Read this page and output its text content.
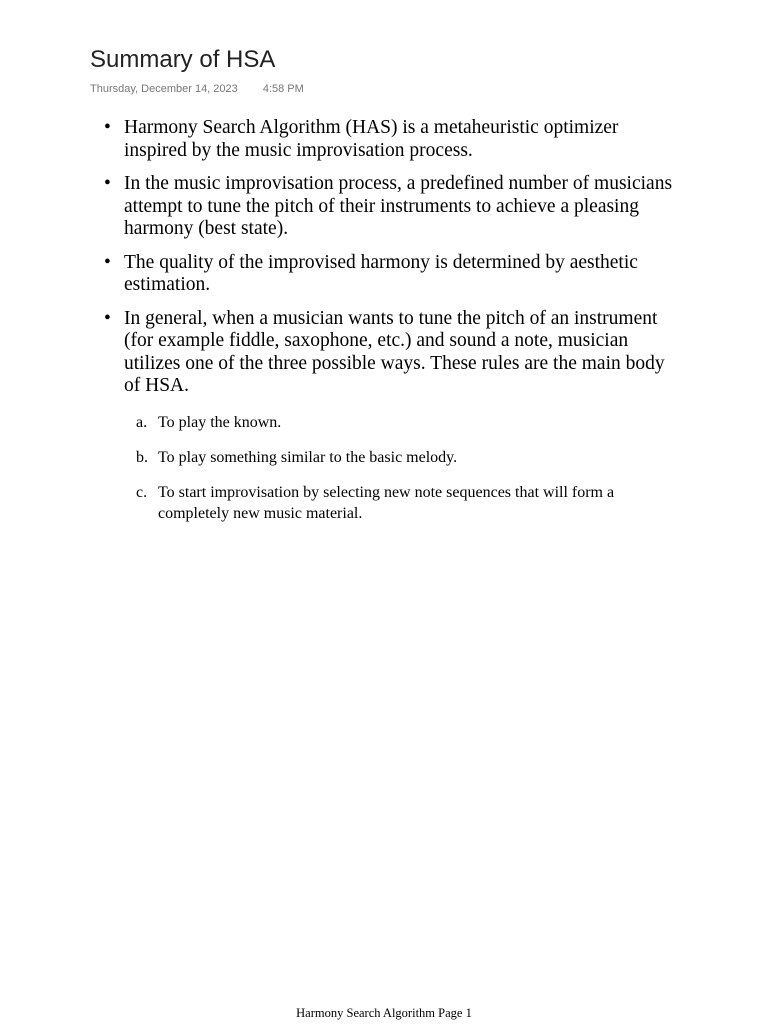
Summary of HSA
Thursday, December 14, 2023 4:58 PM
• Harmony Search Algorithm (HAS) is a metaheuristic optimizer inspired by the music improvisation process.
• In the music improvisation process, a predefined number of musicians attempt to tune the pitch of their instruments to achieve a pleasing harmony (best state).
• The quality of the improvised harmony is determined by aesthetic estimation.
• In general, when a musician wants to tune the pitch of an instrument (for example fiddle, saxophone, etc.) and sound a note, musician utilizes one of the three possible ways. These rules are the main body of HSA.
a. To play the known.
b. To play something similar to the basic melody.
c. To start improvisation by selecting new note sequences that will form a completely new music material.
Harmony Search Algorithm Page 1
